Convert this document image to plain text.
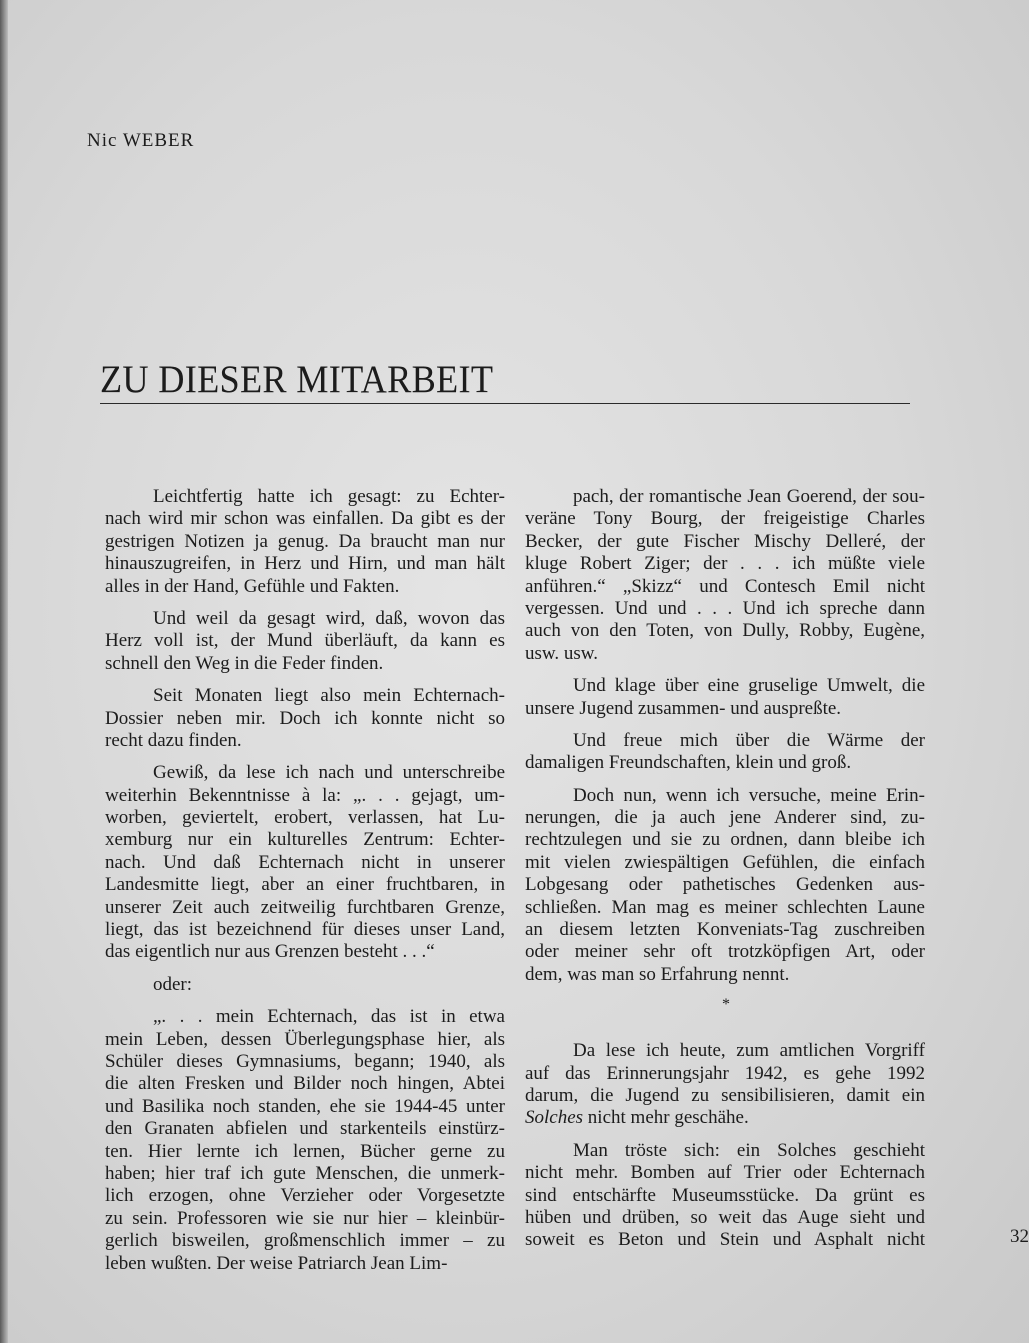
Nic WEBER
ZU DIESER MITARBEIT
Leichtfertig hatte ich gesagt: zu Echter-
nach wird mir schon was einfallen. Da gibt es der
gestrigen Notizen ja genug. Da braucht man nur
hinauszugreifen, in Herz und Hirn, und man hält
alles in der Hand, Gefühle und Fakten.
Und weil da gesagt wird, daß, wovon das
Herz voll ist, der Mund überläuft, da kann es
schnell den Weg in die Feder finden.
Seit Monaten liegt also mein Echternach-
Dossier neben mir. Doch ich konnte nicht so
recht dazu finden.
Gewiß, da lese ich nach und unterschreibe
weiterhin Bekenntnisse à la: „. . . gejagt, um-
worben, geviertelt, erobert, verlassen, hat Lu-
xemburg nur ein kulturelles Zentrum: Echter-
nach. Und daß Echternach nicht in unserer
Landesmitte liegt, aber an einer fruchtbaren, in
unserer Zeit auch zeitweilig furchtbaren Grenze,
liegt, das ist bezeichnend für dieses unser Land,
das eigentlich nur aus Grenzen besteht . . .“
oder:
„. . . mein Echternach, das ist in etwa
mein Leben, dessen Überlegungsphase hier, als
Schüler dieses Gymnasiums, begann; 1940, als
die alten Fresken und Bilder noch hingen, Abtei
und Basilika noch standen, ehe sie 1944-45 unter
den Granaten abfielen und starkenteils einstürz-
ten. Hier lernte ich lernen, Bücher gerne zu
haben; hier traf ich gute Menschen, die unmerk-
lich erzogen, ohne Verzieher oder Vorgesetzte
zu sein. Professoren wie sie nur hier – kleinbür-
gerlich bisweilen, großmenschlich immer – zu
leben wußten. Der weise Patriarch Jean Lim-
pach, der romantische Jean Goerend, der sou-
veräne Tony Bourg, der freigeistige Charles
Becker, der gute Fischer Mischy Delleré, der
kluge Robert Ziger; der . . . ich müßte viele
anführen.“ „Skizz“ und Contesch Emil nicht
vergessen. Und und . . . Und ich spreche dann
auch von den Toten, von Dully, Robby, Eugène,
usw. usw.
Und klage über eine gruselige Umwelt, die
unsere Jugend zusammen- und auspreßte.
Und freue mich über die Wärme der
damaligen Freundschaften, klein und groß.
Doch nun, wenn ich versuche, meine Erin-
nerungen, die ja auch jene Anderer sind, zu-
rechtzulegen und sie zu ordnen, dann bleibe ich
mit vielen zwiespältigen Gefühlen, die einfach
Lobgesang oder pathetisches Gedenken aus-
schließen. Man mag es meiner schlechten Laune
an diesem letzten Konveniats-Tag zuschreiben
oder meiner sehr oft trotzköpfigen Art, oder
dem, was man so Erfahrung nennt.
Da lese ich heute, zum amtlichen Vorgriff
auf das Erinnerungsjahr 1942, es gehe 1992
darum, die Jugend zu sensibilisieren, damit ein
Solches nicht mehr geschähe.
Man tröste sich: ein Solches geschieht
nicht mehr. Bomben auf Trier oder Echternach
sind entschärfte Museumsstücke. Da grünt es
hüben und drüben, so weit das Auge sieht und
soweit es Beton und Stein und Asphalt nicht
*
32
